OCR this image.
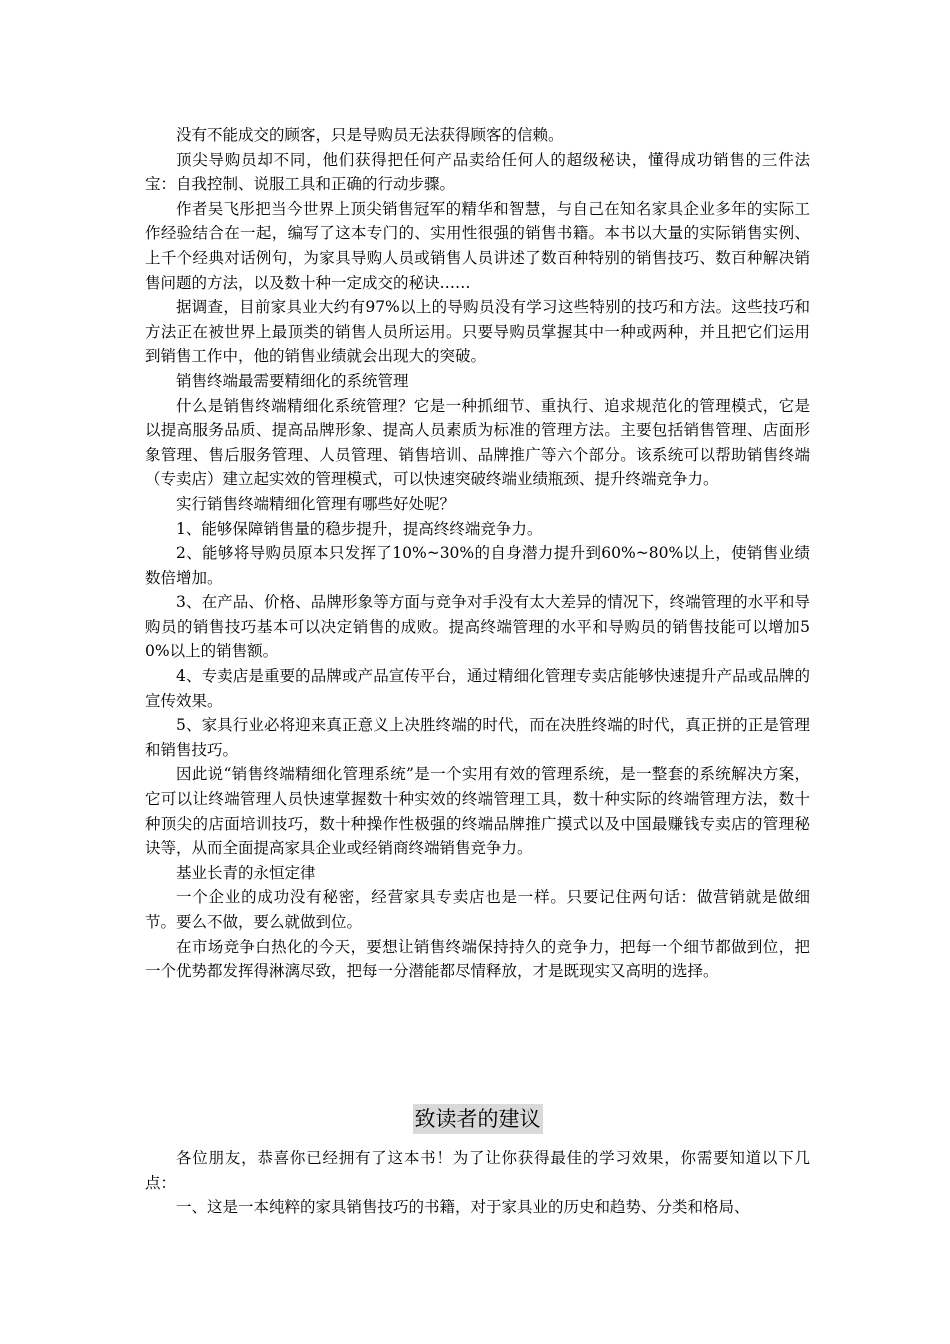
没有不能成交的顾客，只是导购员无法获得顾客的信赖。

顶尖导购员却不同，他们获得把任何产品卖给任何人的超级秘诀，懂得成功销售的三件法宝：自我控制、说服工具和正确的行动步骤。

作者吴飞彤把当今世界上顶尖销售冠军的精华和智慧，与自己在知名家具企业多年的实际工作经验结合在一起，编写了这本专门的、实用性很强的销售书籍。本书以大量的实际销售实例、上千个经典对话例句，为家具导购人员或销售人员讲述了数百种特别的销售技巧、数百种解决销售问题的方法，以及数十种一定成交的秘诀……

据调查，目前家具业大约有97%以上的导购员没有学习这些特别的技巧和方法。这些技巧和方法正在被世界上最顶类的销售人员所运用。只要导购员掌握其中一种或两种，并且把它们运用到销售工作中，他的销售业绩就会出现大的突破。

销售终端最需要精细化的系统管理

什么是销售终端精细化系统管理？它是一种抓细节、重执行、追求规范化的管理模式，它是以提高服务品质、提高品牌形象、提高人员素质为标准的管理方法。主要包括销售管理、店面形象管理、售后服务管理、人员管理、销售培训、品牌推广等六个部分。该系统可以帮助销售终端（专卖店）建立起实效的管理模式，可以快速突破终端业绩瓶颈、提升终端竞争力。

实行销售终端精细化管理有哪些好处呢？

1、能够保障销售量的稳步提升，提高终终端竞争力。

2、能够将导购员原本只发挥了10%~30%的自身潜力提升到60%~80%以上，使销售业绩数倍增加。

3、在产品、价格、品牌形象等方面与竞争对手没有太大差异的情况下，终端管理的水平和导购员的销售技巧基本可以决定销售的成败。提高终端管理的水平和导购员的销售技能可以增加50%以上的销售额。

4、专卖店是重要的品牌或产品宣传平台，通过精细化管理专卖店能够快速提升产品或品牌的宣传效果。

5、家具行业必将迎来真正意义上决胜终端的时代，而在决胜终端的时代，真正拼的正是管理和销售技巧。

因此说“销售终端精细化管理系统”是一个实用有效的管理系统，是一整套的系统解决方案，它可以让终端管理人员快速掌握数十种实效的终端管理工具，数十种实际的终端管理方法，数十种顶尖的店面培训技巧，数十种操作性极强的终端品牌推广摸式以及中国最赚钱专卖店的管理秘诀等，从而全面提高家具企业或经销商终端销售竞争力。

基业长青的永恒定律

一个企业的成功没有秘密，经营家具专卖店也是一样。只要记住两句话：做营销就是做细节。要么不做，要么就做到位。

在市场竞争白热化的今天，要想让销售终端保持持久的竞争力，把每一个细节都做到位，把一个优势都发挥得淋漓尽致，把每一分潜能都尽情释放，才是既现实又高明的选择。

致读者的建议

各位朋友，恭喜你已经拥有了这本书！为了让你获得最佳的学习效果，你需要知道以下几点：

一、这是一本纯粹的家具销售技巧的书籍，对于家具业的历史和趋势、分类和格局、
